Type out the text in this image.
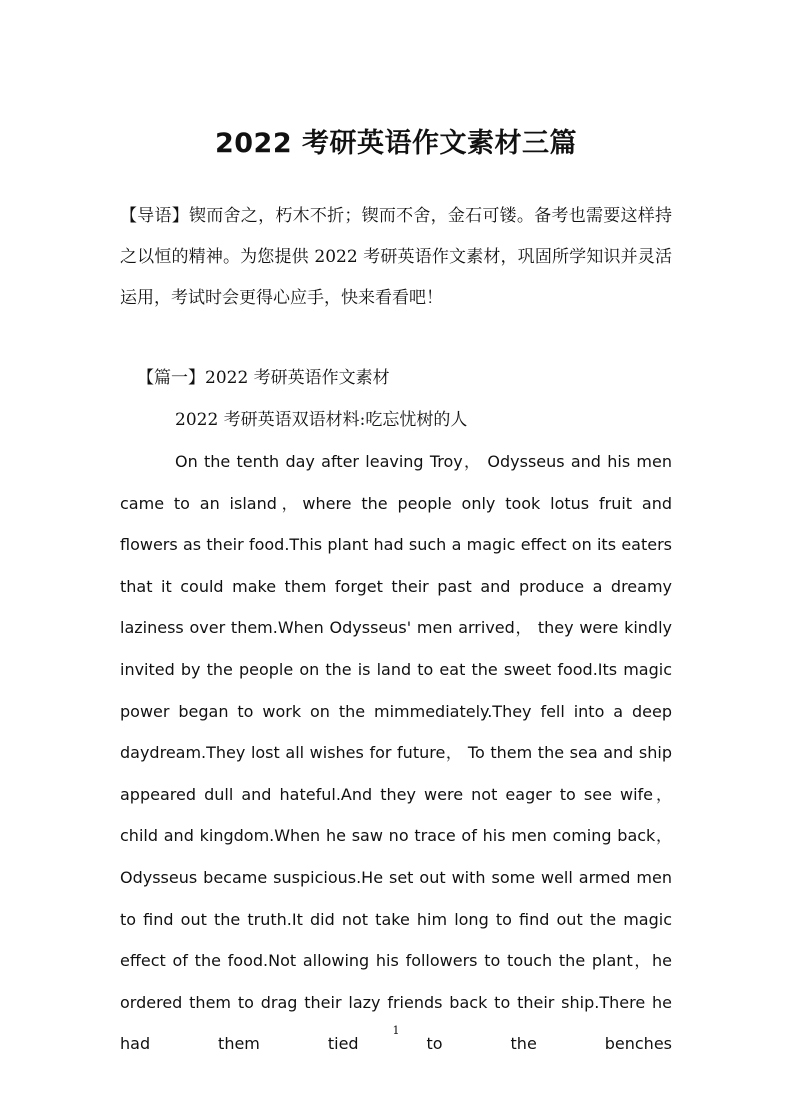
2022 考研英语作文素材三篇
【导语】锲而舍之，朽木不折；锲而不舍，金石可镂。备考也需要这样持之以恒的精神。为您提供 2022 考研英语作文素材，巩固所学知识并灵活运用，考试时会更得心应手，快来看看吧！
【篇一】2022 考研英语作文素材
2022 考研英语双语材料:吃忘忧树的人
On the tenth day after leaving Troy， Odysseus and his men came to an island，where the people only took lotus fruit and flowers as their food.This plant had such a magic effect on its eaters that it could make them forget their past and produce a dreamy laziness over them.When Odysseus' men arrived， they were kindly invited by the people on the is land to eat the sweet food.Its magic power began to work on the mimmediately.They fell into a deep daydream.They lost all wishes for future， To them the sea and ship appeared dull and hateful.And they were not eager to see wife，child and kingdom.When he saw no trace of his men coming back， Odysseus became suspicious.He set out with some well armed men to find out the truth.It did not take him long to find out the magic effect of the food.Not allowing his followers to touch the plant，he ordered them to drag their lazy friends back to their ship.There he had them tied to the benches
1
